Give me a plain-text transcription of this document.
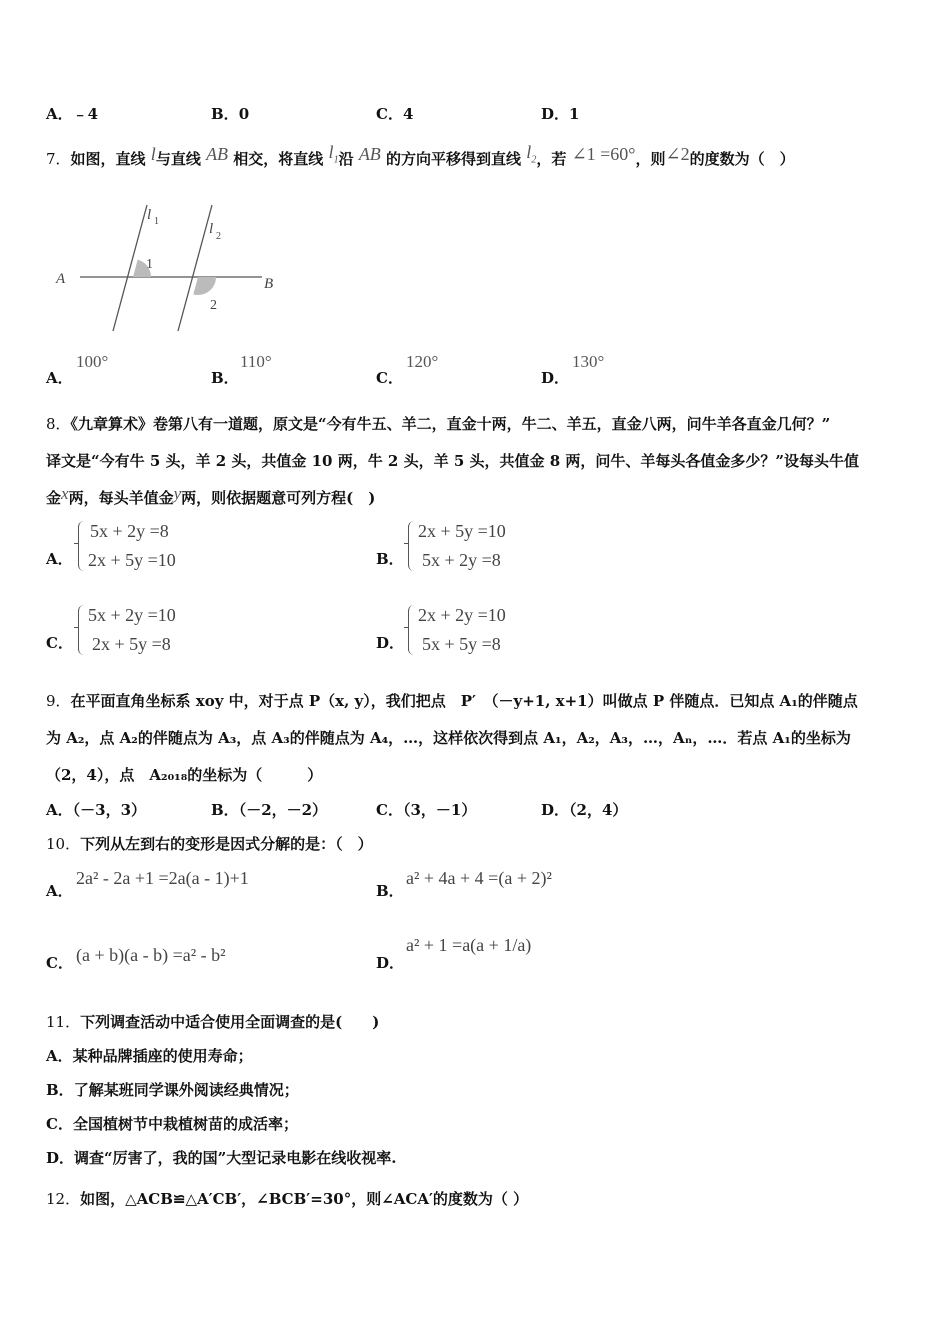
A．﹣4	B．0	C．4	D．1
7．如图，直线 l与直线 AB 相交，将直线 $l_1$沿 AB 的方向平移得到直线 $l_2$，若 ∠1 =60°，则∠2的度数为（　）
A	B
l 1	l 2
1
2
A．
100°
B．
110°
C．
120°
D．
130°
8．《九章算术》卷第八有一道题，原文是“今有牛五、羊二，直金十两，牛二、羊五，直金八两，问牛羊各直金几何？”
译文是“今有牛 5 头，羊 2 头，共值金 10 两，牛 2 头，羊 5 头，共值金 8 两，问牛、羊每头各值金多少？”设每头牛值
金x两，每头羊值金y两，则依据题意可列方程(　)
A．
5x + 2y =8
2x + 5y =10	B．
2x + 5y =10
5x + 2y =8
C．
5x + 2y =10
2x + 5y =8	D．
2x + 2y =10
5x + 5y =8
9．在平面直角坐标系 xoy 中，对于点 P（x, y），我们把点　P′　（－y+1, x+1）叫做点 P 伴随点．已知点 A₁的伴随点
为 A₂，点 A₂的伴随点为 A₃，点 A₃的伴随点为 A₄，…，这样依次得到点 A₁，A₂，A₃，…，Aₙ，…．若点 A₁的坐标为
（2，4），点　A₂₀₁₈的坐标为（　　　）
A．（－3，3）	B．（－2，－2）	C．（3，－1）	D．（2，4）
10．下列从左到右的变形是因式分解的是：（　）
A．
2a² - 2a +1 =2a(a - 1)+1
B．
a² + 4a + 4 =(a + 2)²
C． (a + b)(a - b) =a² - b²	D．
a² + 1 =a(a + 1/a)
11．下列调查活动中适合使用全面调查的是(　　)
A．某种品牌插座的使用寿命；
B．了解某班同学课外阅读经典情况；
C．全国植树节中栽植树苗的成活率；
D．调查“厉害了，我的国”大型记录电影在线收视率.
12．如图，△ACB≌△A′CB′，∠BCB′=30°，则∠ACA′的度数为（ ）
